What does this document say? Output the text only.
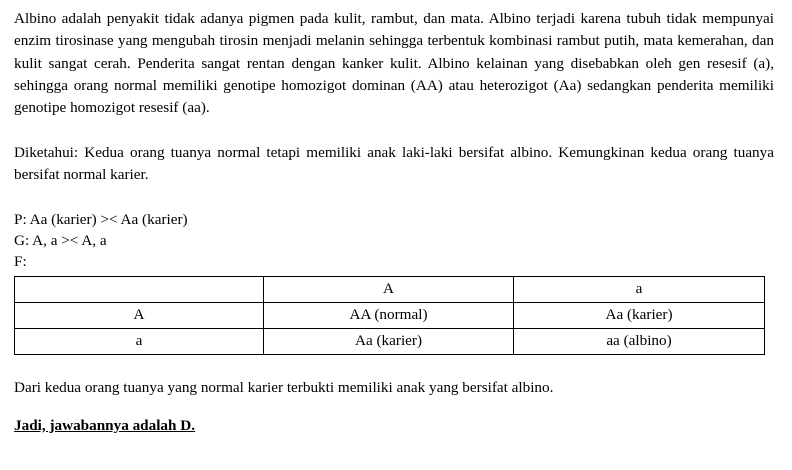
Albino adalah penyakit tidak adanya pigmen pada kulit, rambut, dan mata. Albino terjadi karena tubuh tidak mempunyai enzim tirosinase yang mengubah tirosin menjadi melanin sehingga terbentuk kombinasi rambut putih, mata kemerahan, dan kulit sangat cerah. Penderita sangat rentan dengan kanker kulit. Albino kelainan yang disebabkan oleh gen resesif (a), sehingga orang normal memiliki genotipe homozigot dominan (AA) atau heterozigot (Aa) sedangkan penderita memiliki genotipe homozigot resesif (aa).

Diketahui: Kedua orang tuanya normal tetapi memiliki anak laki-laki bersifat albino. Kemungkinan kedua orang tuanya bersifat normal karier.

P: Aa (karier) >< Aa (karier)
G: A, a >< A, a
F:
	A	a
A	AA (normal)	Aa (karier)
a	Aa (karier)	aa (albino)

Dari kedua orang tuanya yang normal karier terbukti memiliki anak yang bersifat albino.

Jadi, jawabannya adalah D.
